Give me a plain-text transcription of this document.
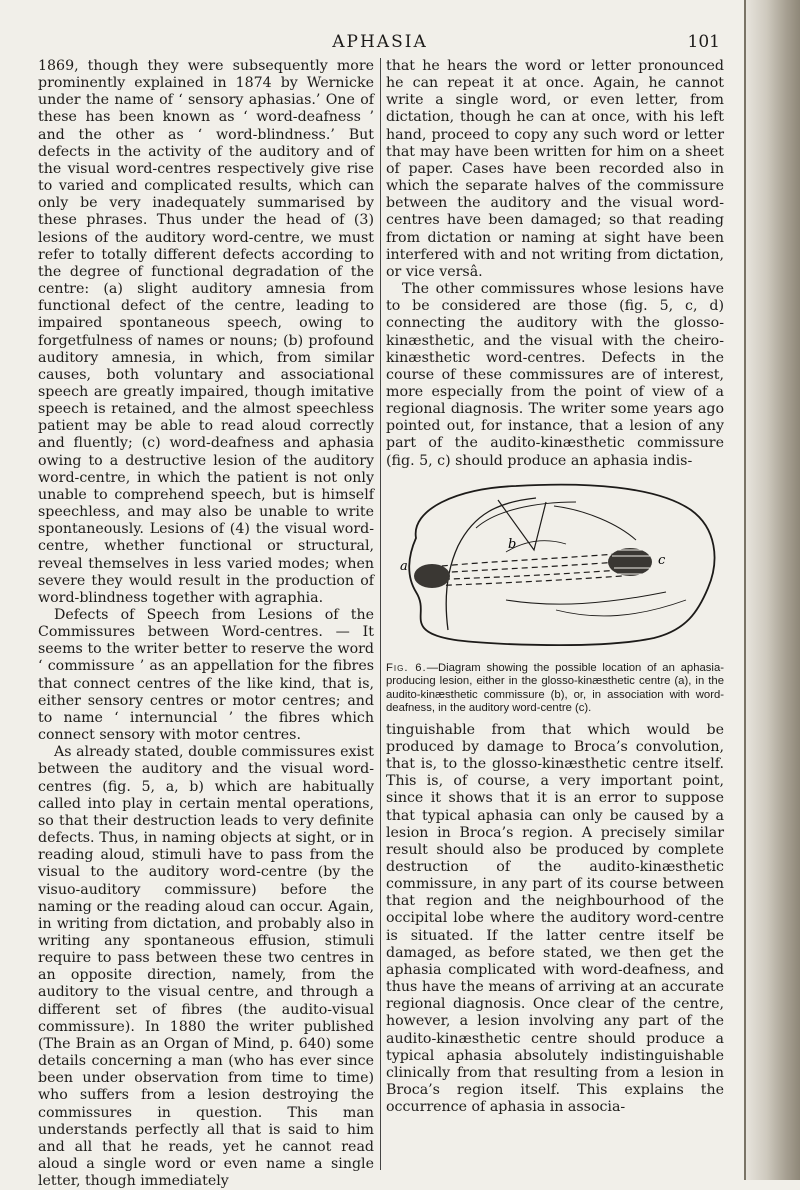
APHASIA	101

1869, though they were subsequently more prominently explained in 1874 by Wernicke under the name of ‘ sensory aphasias.’ One of these has been known as ‘ word-deafness ’ and the other as ‘ word-blindness.’ But defects in the activity of the auditory and of the visual word-centres respectively give rise to varied and complicated results, which can only be very inadequately summarised by these phrases. Thus under the head of (3) lesions of the auditory word-centre, we must refer to totally different defects according to the degree of functional degradation of the centre: (a) slight auditory amnesia from functional defect of the centre, leading to impaired spontaneous speech, owing to forgetfulness of names or nouns; (b) profound auditory amnesia, in which, from similar causes, both voluntary and associational speech are greatly impaired, though imitative speech is retained, and the almost speechless patient may be able to read aloud correctly and fluently; (c) word-deafness and aphasia owing to a destructive lesion of the auditory word-centre, in which the patient is not only unable to comprehend speech, but is himself speechless, and may also be unable to write spontaneously. Lesions of (4) the visual word-centre, whether functional or structural, reveal themselves in less varied modes; when severe they would result in the production of word-blindness together with agraphia.

Defects of Speech from Lesions of the Commissures between Word-centres. — It seems to the writer better to reserve the word ‘ commissure ’ as an appellation for the fibres that connect centres of the like kind, that is, either sensory centres or motor centres; and to name ‘ internuncial ’ the fibres which connect sensory with motor centres.

As already stated, double commissures exist between the auditory and the visual word-centres (fig. 5, a, b) which are habitually called into play in certain mental operations, so that their destruction leads to very definite defects. Thus, in naming objects at sight, or in reading aloud, stimuli have to pass from the visual to the auditory word-centre (by the visuo-auditory commissure) before the naming or the reading aloud can occur. Again, in writing from dictation, and probably also in writing any spontaneous effusion, stimuli require to pass between these two centres in an opposite direction, namely, from the auditory to the visual centre, and through a different set of fibres (the audito-visual commissure). In 1880 the writer published (The Brain as an Organ of Mind, p. 640) some details concerning a man (who has ever since been under observation from time to time) who suffers from a lesion destroying the commissures in question. This man understands perfectly all that is said to him and all that he reads, yet he cannot read aloud a single word or even name a single letter, though immediately

that he hears the word or letter pronounced he can repeat it at once. Again, he cannot write a single word, or even letter, from dictation, though he can at once, with his left hand, proceed to copy any such word or letter that may have been written for him on a sheet of paper. Cases have been recorded also in which the separate halves of the commissure between the auditory and the visual word-centres have been damaged; so that reading from dictation or naming at sight have been interfered with and not writing from dictation, or vice versâ.

The other commissures whose lesions have to be considered are those (fig. 5, c, d) connecting the auditory with the glosso-kinæsthetic, and the visual with the cheiro-kinæsthetic word-centres. Defects in the course of these commissures are of interest, more especially from the point of view of a regional diagnosis. The writer some years ago pointed out, for instance, that a lesion of any part of the audito-kinæsthetic commissure (fig. 5, c) should produce an aphasia indis-

a
b
c
Fig. 6.—Diagram showing the possible location of an aphasia-producing lesion, either in the glosso-kinæsthetic centre (a), in the audito-kinæsthetic commissure (b), or, in association with word-deafness, in the auditory word-centre (c).

tinguishable from that which would be produced by damage to Broca’s convolution, that is, to the glosso-kinæsthetic centre itself. This is, of course, a very important point, since it shows that it is an error to suppose that typical aphasia can only be caused by a lesion in Broca’s region. A precisely similar result should also be produced by complete destruction of the audito-kinæsthetic commissure, in any part of its course between that region and the neighbourhood of the occipital lobe where the auditory word-centre is situated. If the latter centre itself be damaged, as before stated, we then get the aphasia complicated with word-deafness, and thus have the means of arriving at an accurate regional diagnosis. Once clear of the centre, however, a lesion involving any part of the audito-kinæsthetic centre should produce a typical aphasia absolutely indistinguishable clinically from that resulting from a lesion in Broca’s region itself. This explains the occurrence of aphasia in associa-
